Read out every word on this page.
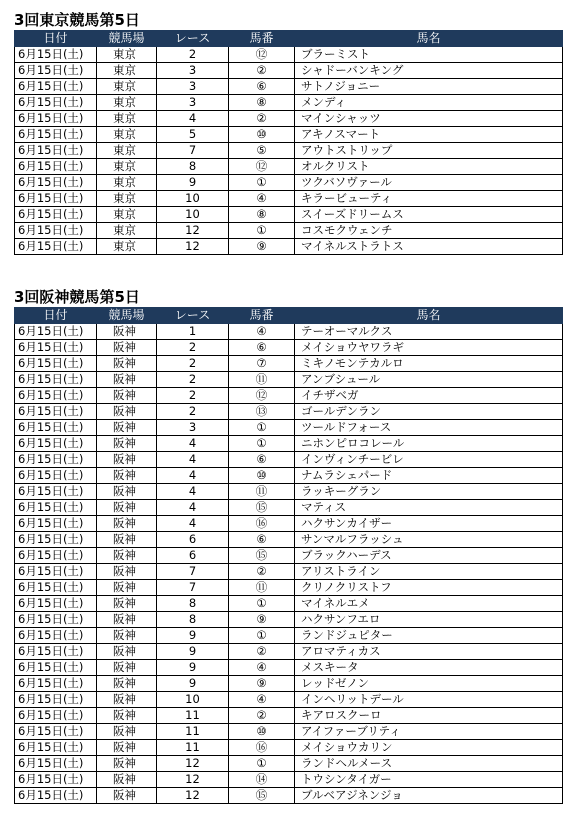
3回東京競馬第5日
日付	競馬場	レース	馬番	馬名
6月15日(土)	東京	2	⑫	ブラーミスト
6月15日(土)	東京	3	②	シャドーバンキング
6月15日(土)	東京	3	⑥	サトノジョニー
6月15日(土)	東京	3	⑧	メンディ
6月15日(土)	東京	4	②	マインシャッツ
6月15日(土)	東京	5	⑩	アキノスマート
6月15日(土)	東京	7	⑤	アウトストリップ
6月15日(土)	東京	8	⑫	オルクリスト
6月15日(土)	東京	9	①	ツクバソヴァール
6月15日(土)	東京	10	④	キラービューティ
6月15日(土)	東京	10	⑧	スイーズドリームス
6月15日(土)	東京	12	①	コスモクウェンチ
6月15日(土)	東京	12	⑨	マイネルストラトス
3回阪神競馬第5日
日付	競馬場	レース	馬番	馬名
6月15日(土)	阪神	1	④	テーオーマルクス
6月15日(土)	阪神	2	⑥	メイショウヤワラギ
6月15日(土)	阪神	2	⑦	ミキノモンテカルロ
6月15日(土)	阪神	2	⑪	アンブシュール
6月15日(土)	阪神	2	⑫	イチザベガ
6月15日(土)	阪神	2	⑬	ゴールデンラン
6月15日(土)	阪神	3	①	ツールドフォース
6月15日(土)	阪神	4	①	ニホンピロコレール
6月15日(土)	阪神	4	⑥	インヴィンチービレ
6月15日(土)	阪神	4	⑩	ナムラシェパード
6月15日(土)	阪神	4	⑪	ラッキーグラン
6月15日(土)	阪神	4	⑮	マティス
6月15日(土)	阪神	4	⑯	ハクサンカイザー
6月15日(土)	阪神	6	⑥	サンマルフラッシュ
6月15日(土)	阪神	6	⑮	ブラックハーデス
6月15日(土)	阪神	7	②	アリストライン
6月15日(土)	阪神	7	⑪	クリノクリストフ
6月15日(土)	阪神	8	①	マイネルエメ
6月15日(土)	阪神	8	⑨	ハクサンフエロ
6月15日(土)	阪神	9	①	ランドジュピター
6月15日(土)	阪神	9	②	アロマティカス
6月15日(土)	阪神	9	④	メスキータ
6月15日(土)	阪神	9	⑨	レッドゼノン
6月15日(土)	阪神	10	④	インヘリットデール
6月15日(土)	阪神	11	②	キアロスクーロ
6月15日(土)	阪神	11	⑩	アイファーブリティ
6月15日(土)	阪神	11	⑯	メイショウカリン
6月15日(土)	阪神	12	①	ランドヘルメース
6月15日(土)	阪神	12	⑭	トウシンタイガー
6月15日(土)	阪神	12	⑮	ブルベアジネンジョ
